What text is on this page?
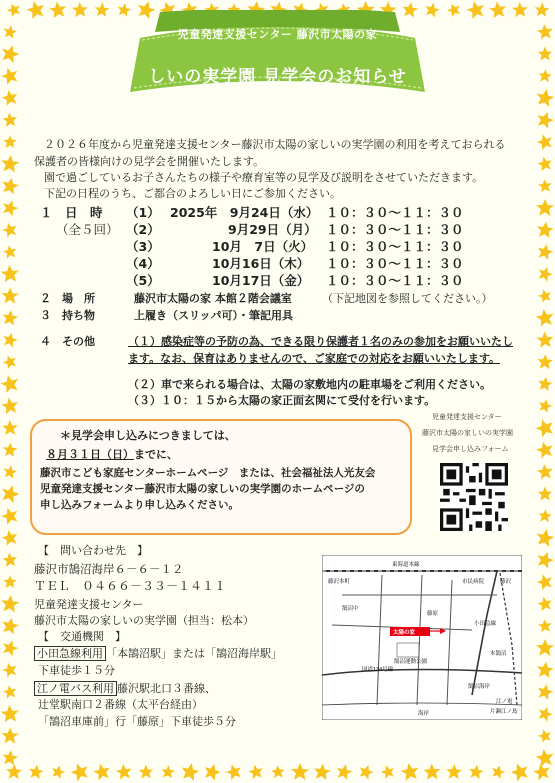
児童発達支援センター 藤沢市太陽の家
しいの実学園 見学会のお知らせ
２０２６年度から児童発達支援センター藤沢市太陽の家しいの実学園の利用を考えておられる
保護者の皆様向けの見学会を開催いたします。
園で過ごしているお子さんたちの様子や療育室等の見学及び説明をさせていただきます。
下記の日程のうち、ご都合のよろしい日にご参加ください。
１　日　時
（全５回）
（1） 2025年　9月24日（水） １０：３０～１１：３０
（2）	9月29日（月） １０：３０～１１：３０
（3）	10月　7日（火） １０：３０～１１：３０
（4）	10月16日（木） １０：３０～１１：３０
（5）	10月17日（金） １０：３０～１１：３０
２　場　所	藤沢市太陽の家 本館２階会議室	（下記地図を参照してください。）
３　持ち物	上履き（スリッパ可）・筆記用具
４　その他	（１）感染症等の予防の為、できる限り保護者１名のみの参加をお願いいたし
ます。なお、保育はありませんので、ご家庭での対応をお願いいたします。
（２）車で来られる場合は、太陽の家敷地内の駐車場をご利用ください。
（３）１０：１５から太陽の家正面玄関にて受付を行います。
＊見学会申し込みにつきましては、
８月３１日（日）までに、
藤沢市こども家庭センターホームページ　または、社会福祉法人光友会
児童発達支援センター藤沢市太陽の家しいの実学園のホームページの
申し込みフォームより申し込みください。
児童発達支援センター
藤沢市太陽の家しいの実学園
見学会申し込みフォーム
【　問い合わせ先　】
藤沢市鵠沼海岸６－６－１２
ＴＥＬ　０４６６－３３－１４１１
児童発達支援センター
藤沢市太陽の家しいの実学園（担当：松本）
【　交通機関　】
小田急線利用 「本鵠沼駅」または「鵠沼海岸駅」
下車徒歩１５分
江ノ電バス利用 藤沢駅北口３番線、
辻堂駅南口２番線（太平台経由）
「鵠沼車庫前」行「藤原」下車徒歩５分
東海道本線
藤沢
藤沢本町
小田急線
本鵠沼
鵠沼海岸
江ノ電
片瀬江ノ島
国道134号線
海岸
鵠沼運動公園
市民病院
鵠沼中
藤原
太陽の家
